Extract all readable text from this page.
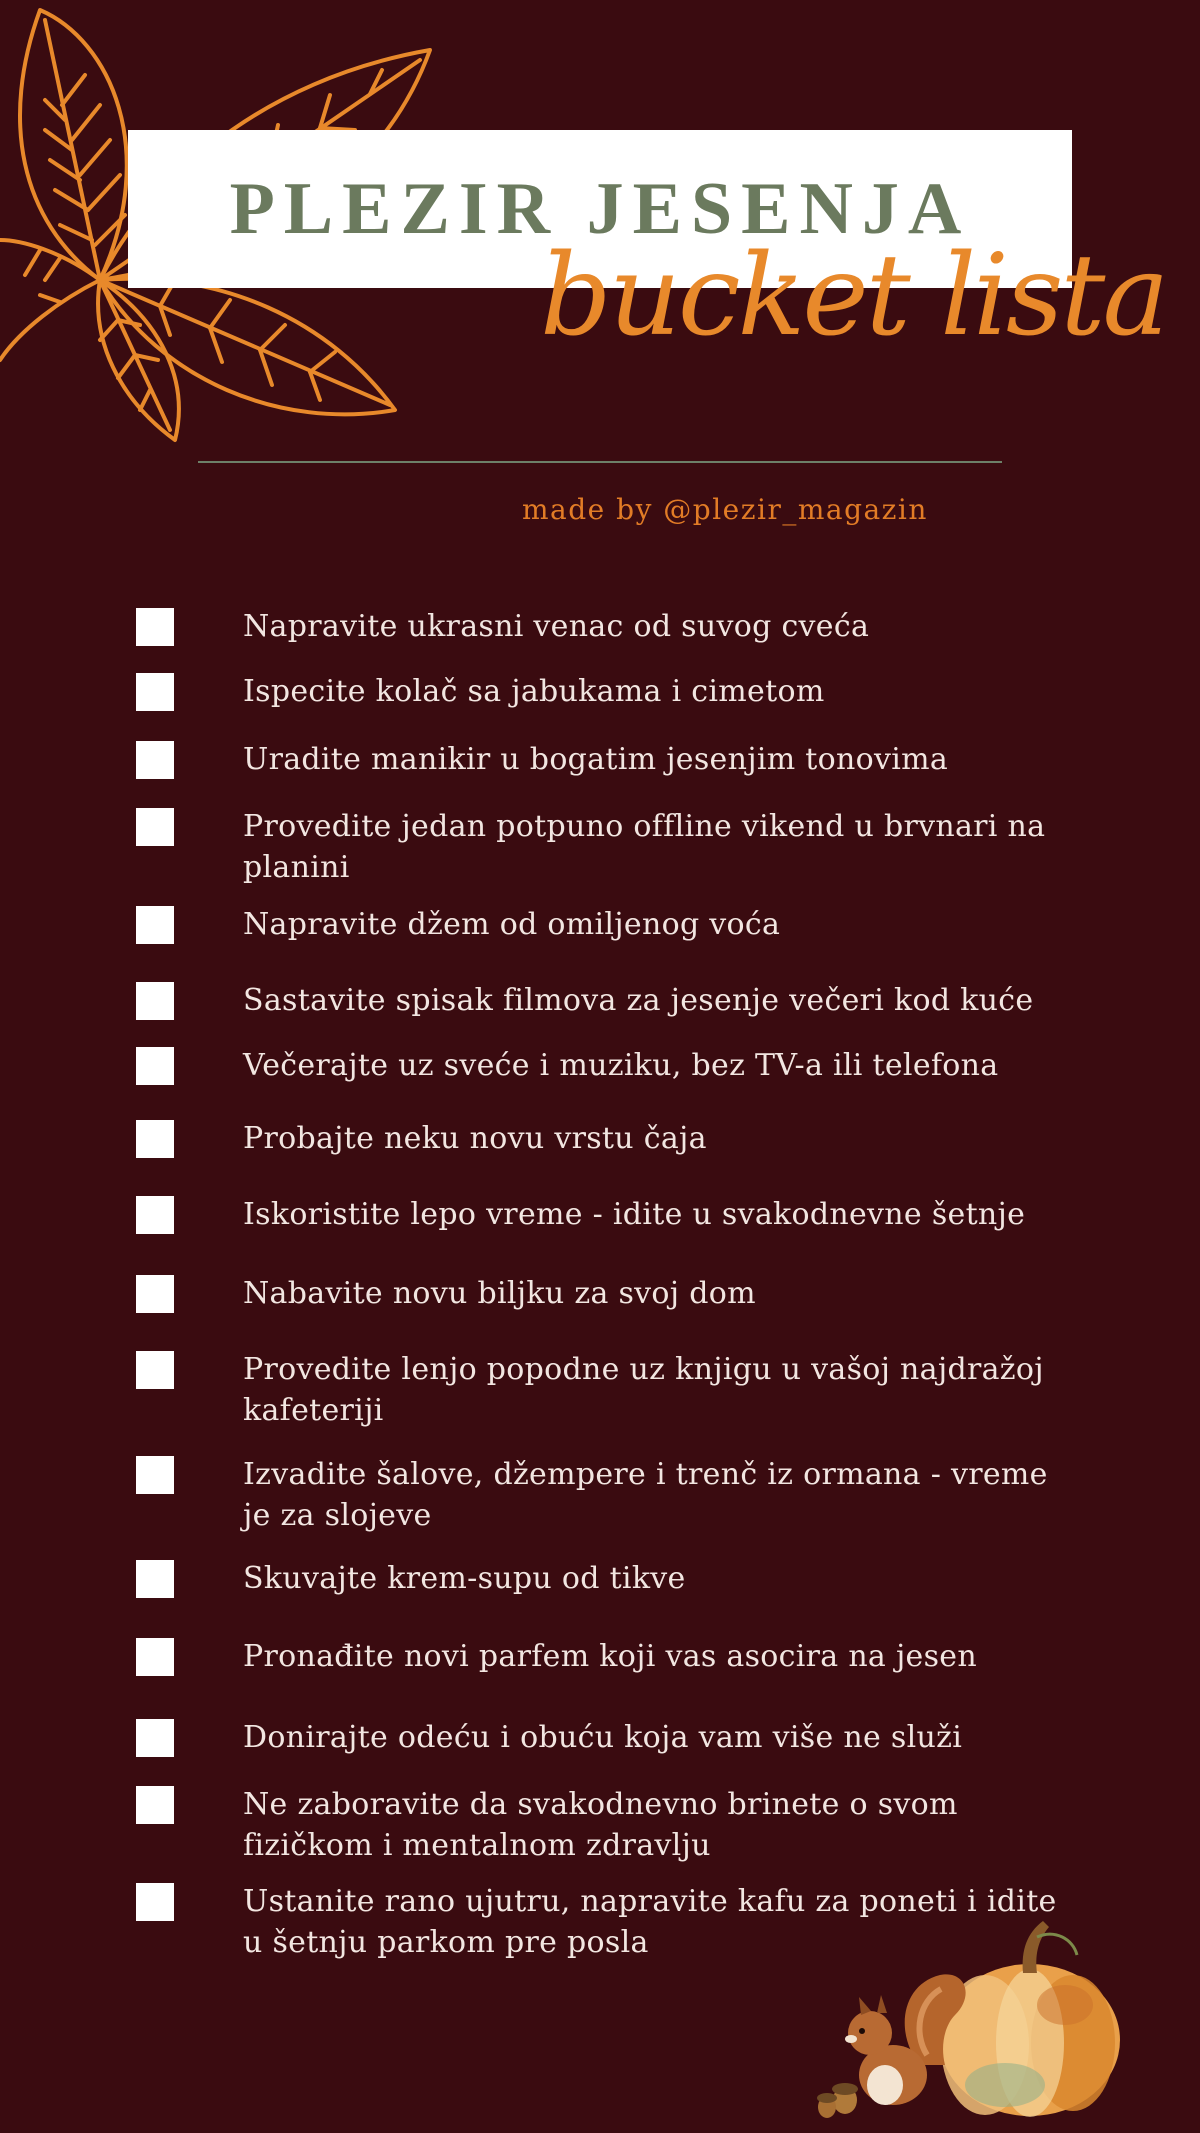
PLEZIR JESENJA
bucket lista
made by @plezir_magazin
Napravite ukrasni venac od suvog cveća
Ispecite kolač sa jabukama i cimetom
Uradite manikir u bogatim jesenjim tonovima
Provedite jedan potpuno offline vikend u brvnari na planini
Napravite džem od omiljenog voća
Sastavite spisak filmova za jesenje večeri kod kuće
Večerajte uz sveće i muziku, bez TV-a ili telefona
Probajte neku novu vrstu čaja
Iskoristite lepo vreme - idite u svakodnevne šetnje
Nabavite novu biljku za svoj dom
Provedite lenjo popodne uz knjigu u vašoj najdražoj kafeteriji
Izvadite šalove, džempere i trenč iz ormana - vreme je za slojeve
Skuvajte krem-supu od tikve
Pronađite novi parfem koji vas asocira na jesen
Donirajte odeću i obuću koja vam više ne služi
Ne zaboravite da svakodnevno brinete o svom fizičkom i mentalnom zdravlju
Ustanite rano ujutru, napravite kafu za poneti i idite u šetnju parkom pre posla
